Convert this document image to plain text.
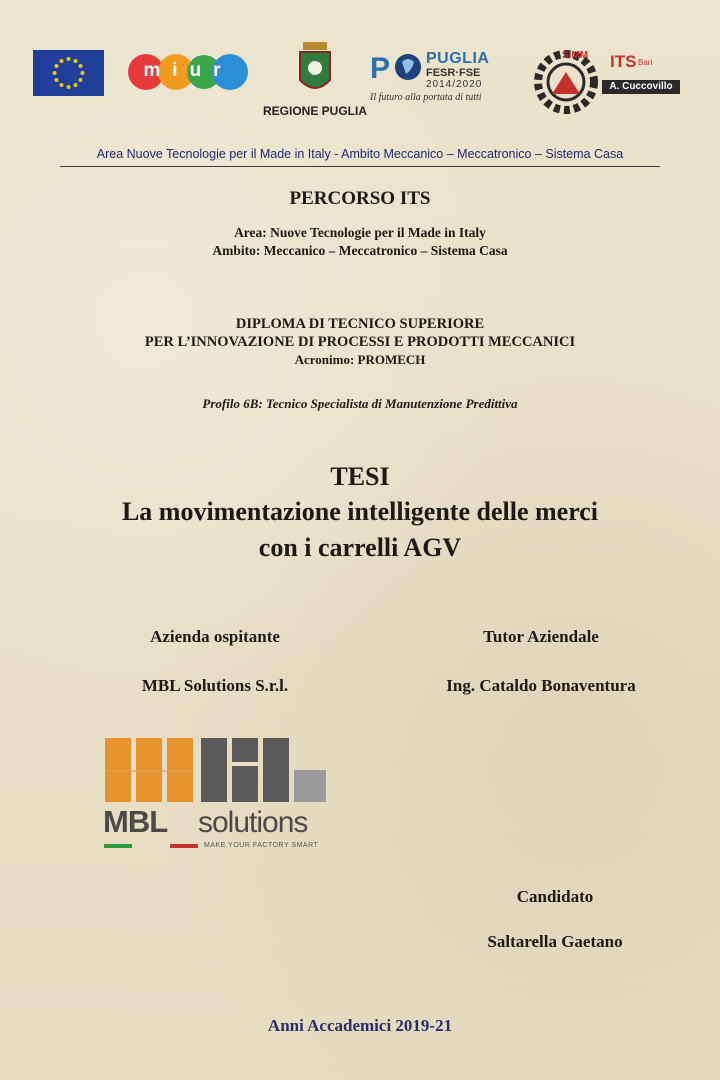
miur
REGIONE PUGLIA
P PUGLIA
FESR·FSE
2014/2020
Il futuro alla portata di tutti
SIMM ITS Bari
A. Cuccovillo
Area Nuove Tecnologie per il Made in Italy - Ambito Meccanico – Meccatronico – Sistema Casa
PERCORSO ITS
Area: Nuove Tecnologie per il Made in Italy
Ambito: Meccanico – Meccatronico – Sistema Casa
DIPLOMA DI TECNICO SUPERIORE
PER L’INNOVAZIONE DI PROCESSI E PRODOTTI MECCANICI
Acronimo: PROMECH
Profilo 6B: Tecnico Specialista di Manutenzione Predittiva
TESI
La movimentazione intelligente delle merci
con i carrelli AGV
Azienda ospitante	Tutor Aziendale
MBL Solutions S.r.l.	Ing. Cataldo Bonaventura
MBL solutions
MAKE YOUR FACTORY SMART
Candidato
Saltarella Gaetano
Anni Accademici 2019-21
